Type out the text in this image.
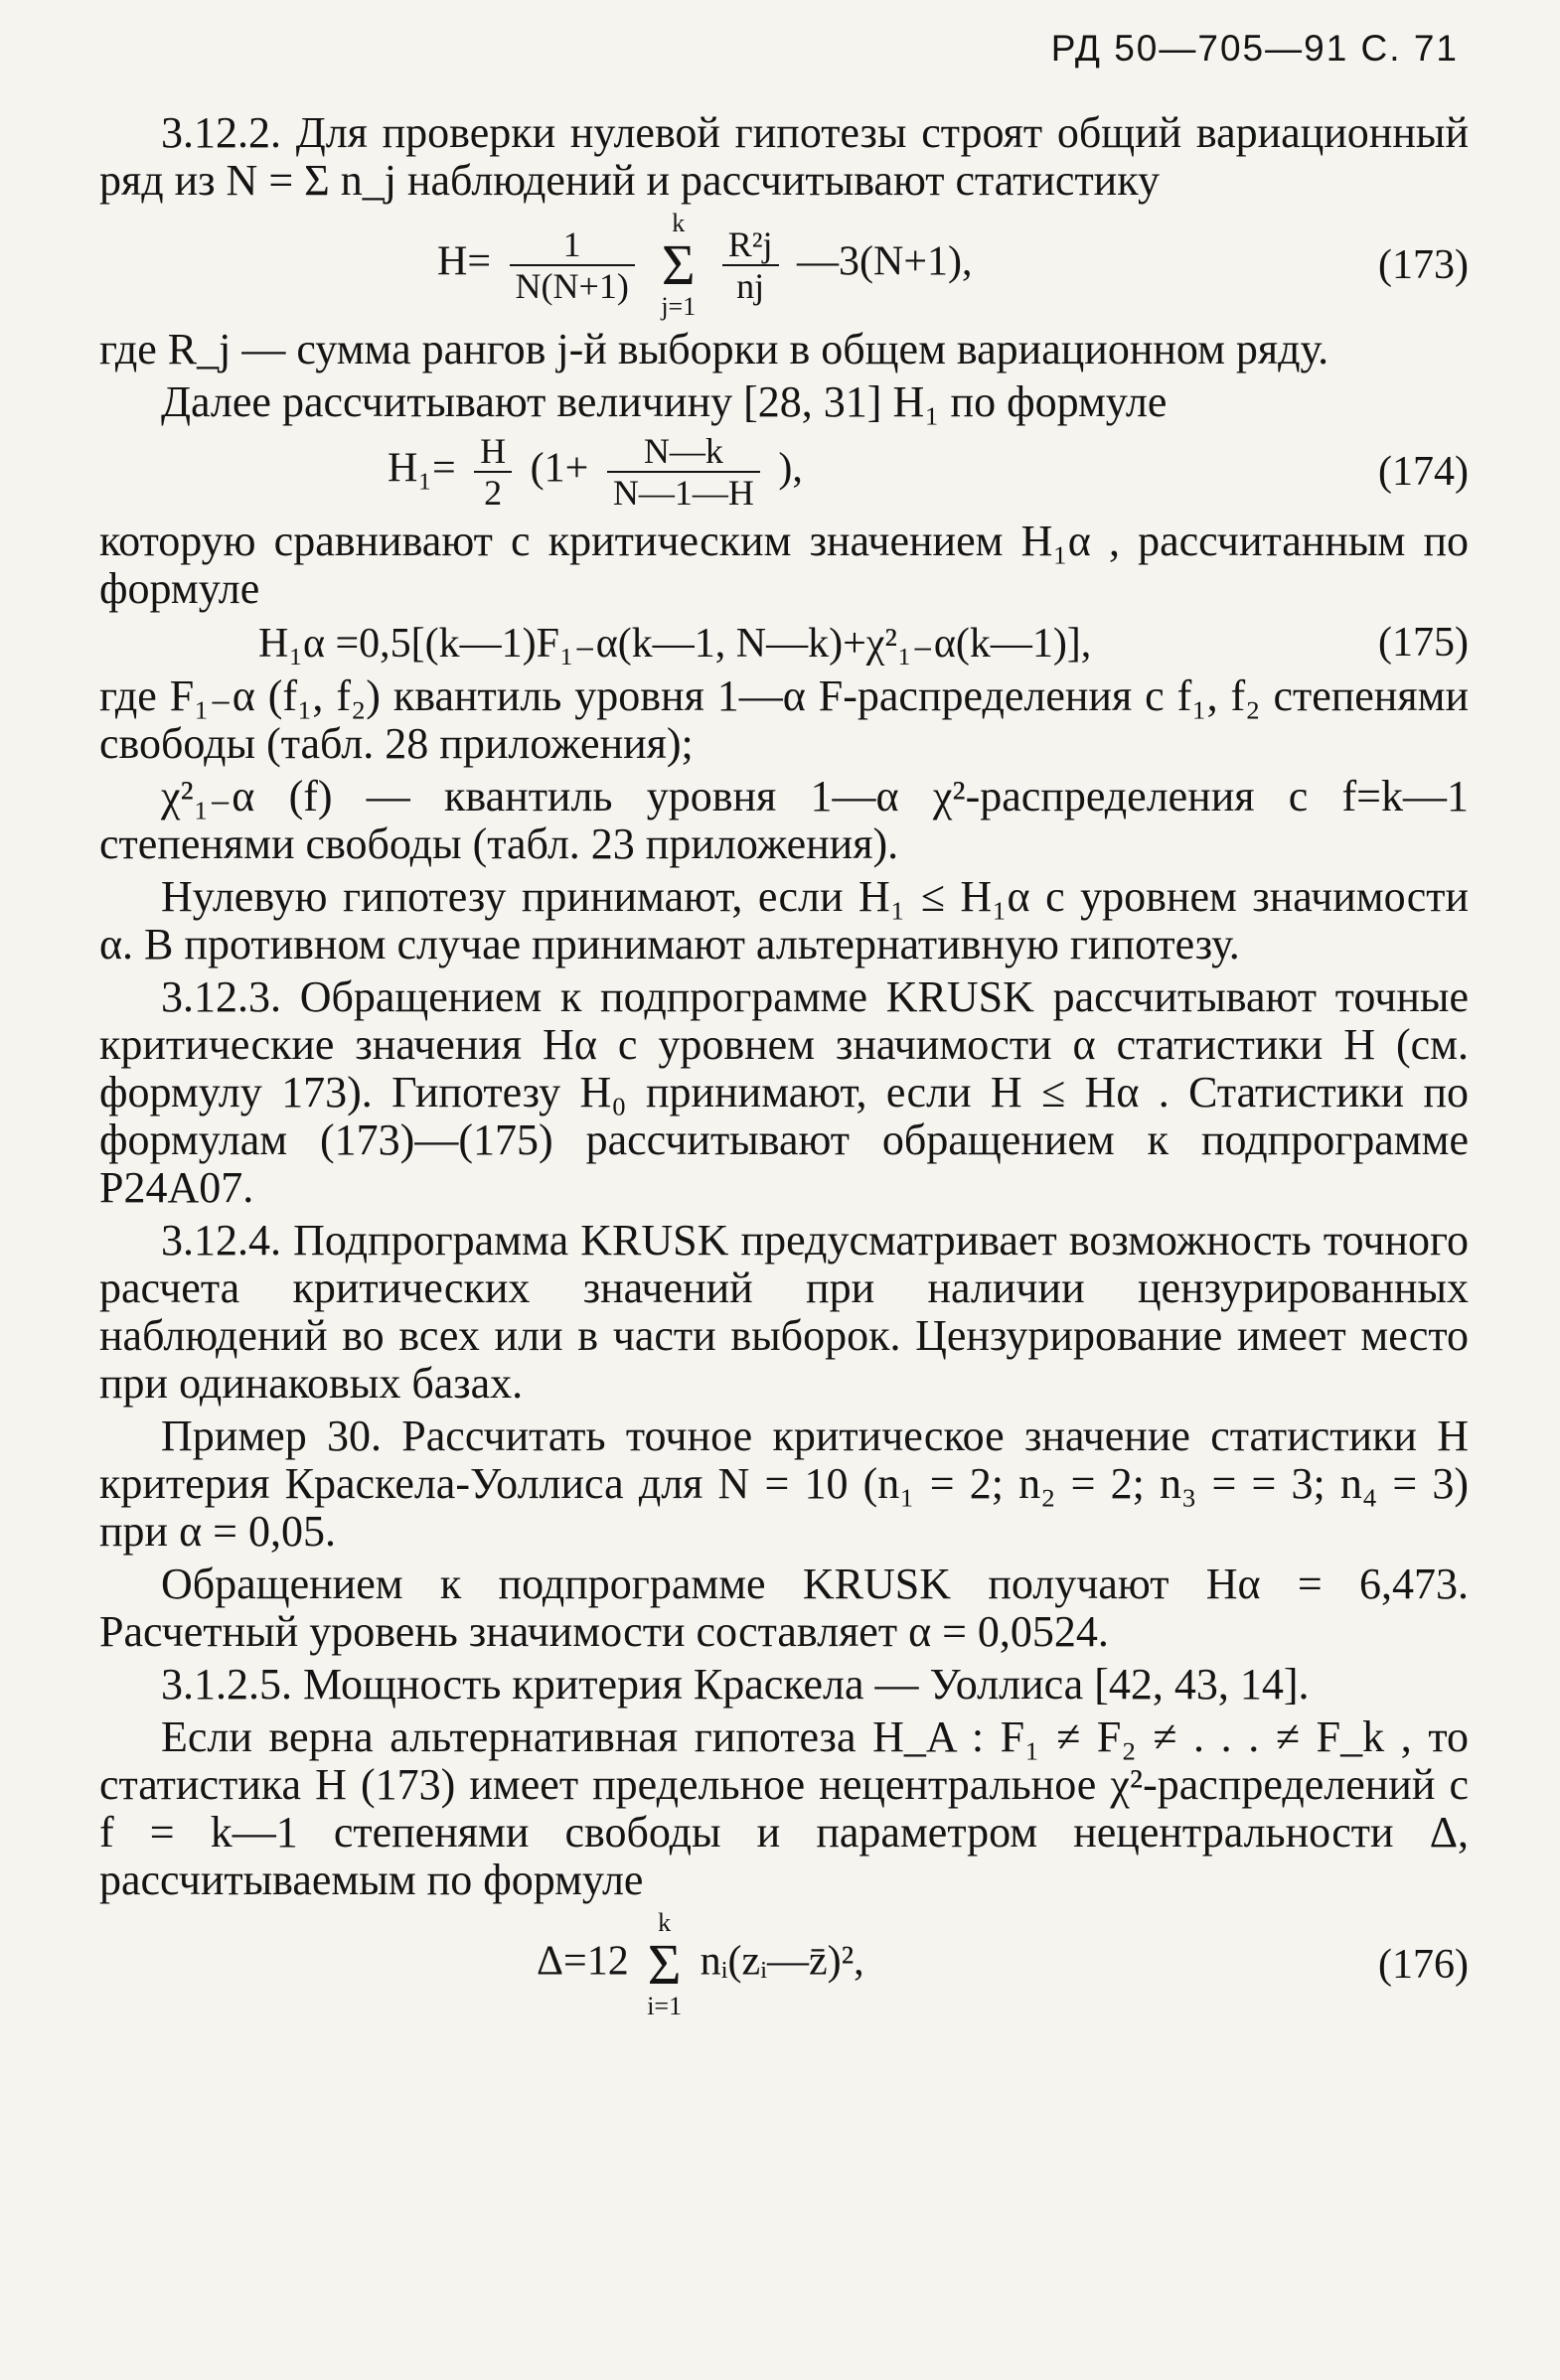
РД 50—705—91 С. 71

3.12.2. Для проверки нулевой гипотезы строят общий вариационный ряд из N = Σ n_j наблюдений и рассчитывают статистику

$H= \frac{1}{N(N+1)}$
k
Σ
j=1
$\frac{\text{R²j}}{nj}$ —3(N+1),	(173)

где R_j — сумма рангов j-й выборки в общем вариационном ряду.

Далее рассчитывают величину [28, 31] H₁ по формуле

$H_1= \frac{H}{2} (1+ \frac{N—k}{N—1—H}$ ),	(174)

которую сравнивают с критическим значением H₁α , рассчитанным по формуле

H₁α =0,5[(k—1)F₁₋α(k—1, N—k)+χ²₁₋α(k—1)],	(175)

где F₁₋α (f₁, f₂) квантиль уровня 1—α F-распределения с f₁, f₂ степенями свободы (табл. 28 приложения);

χ²₁₋α (f) — квантиль уровня 1—α χ²-распределения с f=k—1 степенями свободы (табл. 23 приложения).

Нулевую гипотезу принимают, если H₁ ≤ H₁α с уровнем значимости α. В противном случае принимают альтернативную гипотезу.

3.12.3. Обращением к подпрограмме KRUSK рассчитывают точные критические значения Hα с уровнем значимости α статистики H (см. формулу 173). Гипотезу H₀ принимают, если H ≤ Hα . Статистики по формулам (173)—(175) рассчитывают обращением к подпрограмме P24A07.

3.12.4. Подпрограмма KRUSK предусматривает возможность точного расчета критических значений при наличии цензурированных наблюдений во всех или в части выборок. Цензурирование имеет место при одинаковых базах.

Пример 30. Рассчитать точное критическое значение статистики H критерия Краскела-Уоллиса для N = 10 (n₁ = 2; n₂ = 2; n₃ = = 3; n₄ = 3) при α = 0,05.

Обращением к подпрограмме KRUSK получают Hα = 6,473. Расчетный уровень значимости составляет α = 0,0524.

3.1.2.5. Мощность критерия Краскела — Уоллиса [42, 43, 14].

Если верна альтернативная гипотеза H_A : F₁ ≠ F₂ ≠ . . . ≠ F_k , то статистика H (173) имеет предельное нецентральное χ²-распределений с f = k—1 степенями свободы и параметром нецентральности Δ, рассчитываемым по формуле

Δ=12 k
Σ
i=1 nᵢ(zᵢ—z̄)²,	(176)
